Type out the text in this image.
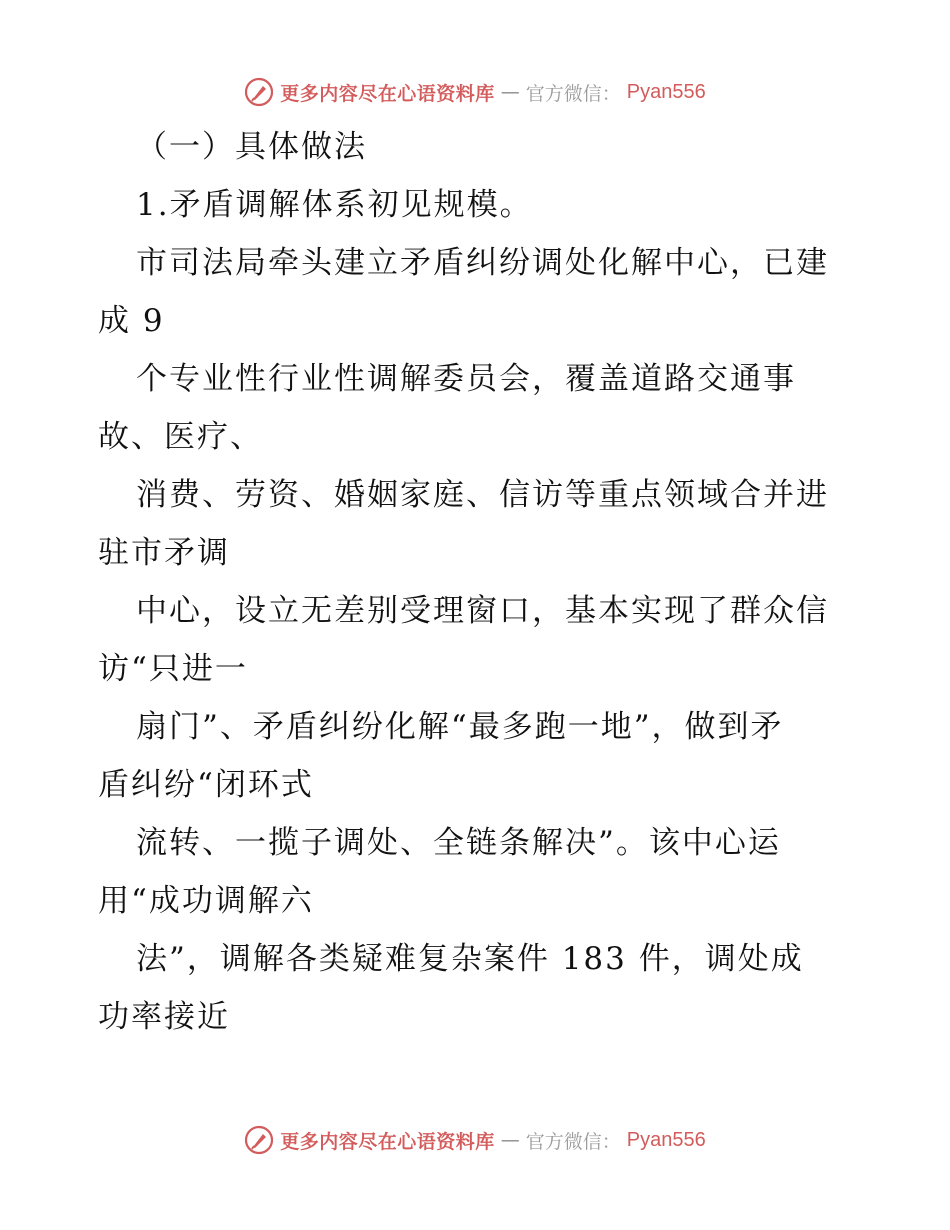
更多内容尽在心语资料库 — 官方微信： Pyan556
（一）具体做法
1.矛盾调解体系初见规模。
市司法局牵头建立矛盾纠纷调处化解中心，已建
成 9
个专业性行业性调解委员会，覆盖道路交通事
故、医疗、
消费、劳资、婚姻家庭、信访等重点领域合并进
驻市矛调
中心，设立无差别受理窗口，基本实现了群众信
访“只进一
扇门”、矛盾纠纷化解“最多跑一地”，做到矛
盾纠纷“闭环式
流转、一揽子调处、全链条解决”。该中心运
用“成功调解六
法”，调解各类疑难复杂案件 183 件，调处成
功率接近
更多内容尽在心语资料库 — 官方微信： Pyan556
